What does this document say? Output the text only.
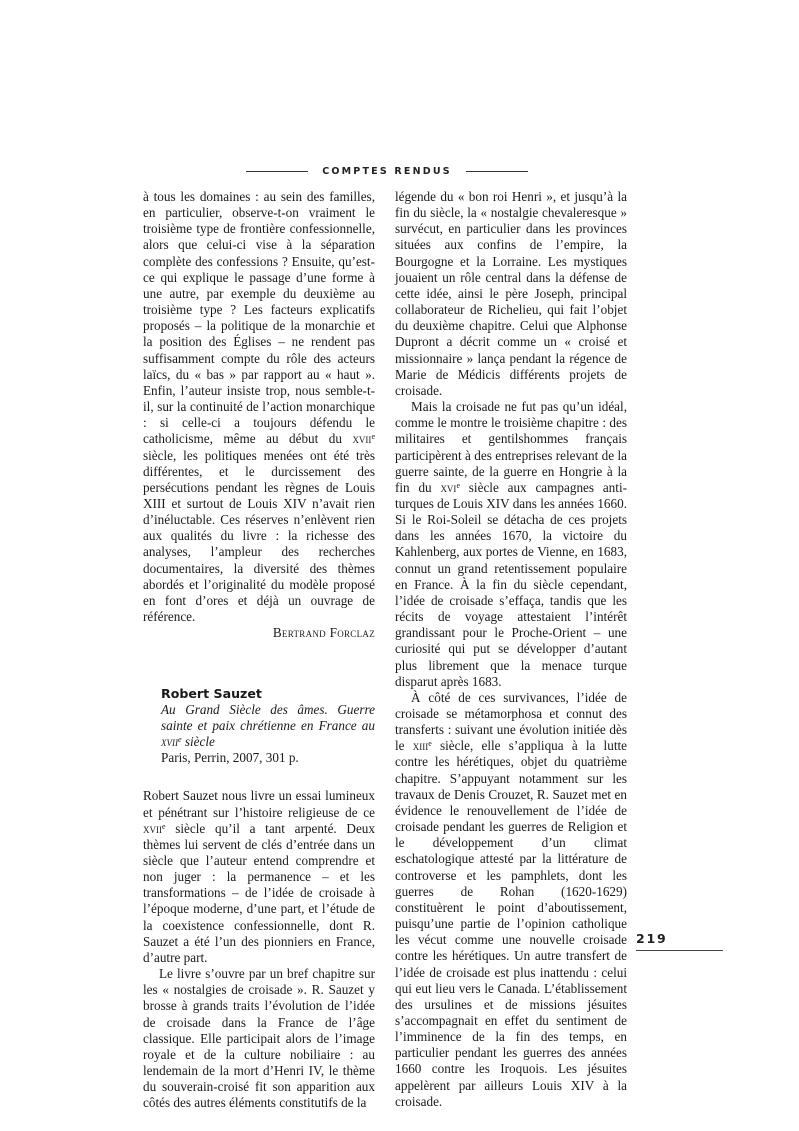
COMPTES RENDUS

à tous les domaines : au sein des familles, en particulier, observe-t-on vraiment le troisième type de frontière confessionnelle, alors que celui-ci vise à la séparation complète des confessions ? Ensuite, qu’est-ce qui explique le passage d’une forme à une autre, par exemple du deuxième au troisième type ? Les facteurs explicatifs proposés – la politique de la monarchie et la position des Églises – ne rendent pas suffisamment compte du rôle des acteurs laïcs, du « bas » par rapport au « haut ». Enfin, l’auteur insiste trop, nous semble-t-il, sur la continuité de l’action monarchique : si celle-ci a toujours défendu le catholicisme, même au début du xvii$^e$ siècle, les politiques menées ont été très différentes, et le durcissement des persécutions pendant les règnes de Louis XIII et surtout de Louis XIV n’avait rien d’inéluctable. Ces réserves n’enlèvent rien aux qualités du livre : la richesse des analyses, l’ampleur des recherches documentaires, la diversité des thèmes abordés et l’originalité du modèle proposé en font d’ores et déjà un ouvrage de référence.

Bertrand Forclaz

Robert Sauzet
Au Grand Siècle des âmes. Guerre sainte et paix chrétienne en France au xvii$^e$ siècle
Paris, Perrin, 2007, 301 p.

Robert Sauzet nous livre un essai lumineux et pénétrant sur l’histoire religieuse de ce xvii$^e$ siècle qu’il a tant arpenté. Deux thèmes lui servent de clés d’entrée dans un siècle que l’auteur entend comprendre et non juger : la permanence – et les transformations – de l’idée de croisade à l’époque moderne, d’une part, et l’étude de la coexistence confessionnelle, dont R. Sauzet a été l’un des pionniers en France, d’autre part.

Le livre s’ouvre par un bref chapitre sur les « nostalgies de croisade ». R. Sauzet y brosse à grands traits l’évolution de l’idée de croisade dans la France de l’âge classique. Elle participait alors de l’image royale et de la culture nobiliaire : au lendemain de la mort d’Henri IV, le thème du souverain-croisé fit son apparition aux côtés des autres éléments constitutifs de la

légende du « bon roi Henri », et jusqu’à la fin du siècle, la « nostalgie chevaleresque » survécut, en particulier dans les provinces situées aux confins de l’empire, la Bourgogne et la Lorraine. Les mystiques jouaient un rôle central dans la défense de cette idée, ainsi le père Joseph, principal collaborateur de Richelieu, qui fait l’objet du deuxième chapitre. Celui que Alphonse Dupront a décrit comme un « croisé et missionnaire » lança pendant la régence de Marie de Médicis différents projets de croisade.

Mais la croisade ne fut pas qu’un idéal, comme le montre le troisième chapitre : des militaires et gentilshommes français participèrent à des entreprises relevant de la guerre sainte, de la guerre en Hongrie à la fin du xvi$^e$ siècle aux campagnes anti-turques de Louis XIV dans les années 1660. Si le Roi-Soleil se détacha de ces projets dans les années 1670, la victoire du Kahlenberg, aux portes de Vienne, en 1683, connut un grand retentissement populaire en France. À la fin du siècle cependant, l’idée de croisade s’effaça, tandis que les récits de voyage attestaient l’intérêt grandissant pour le Proche-Orient – une curiosité qui put se développer d’autant plus librement que la menace turque disparut après 1683.

À côté de ces survivances, l’idée de croisade se métamorphosa et connut des transferts : suivant une évolution initiée dès le xiii$^e$ siècle, elle s’appliqua à la lutte contre les hérétiques, objet du quatrième chapitre. S’appuyant notamment sur les travaux de Denis Crouzet, R. Sauzet met en évidence le renouvellement de l’idée de croisade pendant les guerres de Religion et le développement d’un climat eschatologique attesté par la littérature de controverse et les pamphlets, dont les guerres de Rohan (1620-1629) constituèrent le point d’aboutissement, puisqu’une partie de l’opinion catholique les vécut comme une nouvelle croisade contre les hérétiques. Un autre transfert de l’idée de croisade est plus inattendu : celui qui eut lieu vers le Canada. L’établissement des ursulines et de missions jésuites s’accompagnait en effet du sentiment de l’imminence de la fin des temps, en particulier pendant les guerres des années 1660 contre les Iroquois. Les jésuites appelèrent par ailleurs Louis XIV à la croisade.

219
